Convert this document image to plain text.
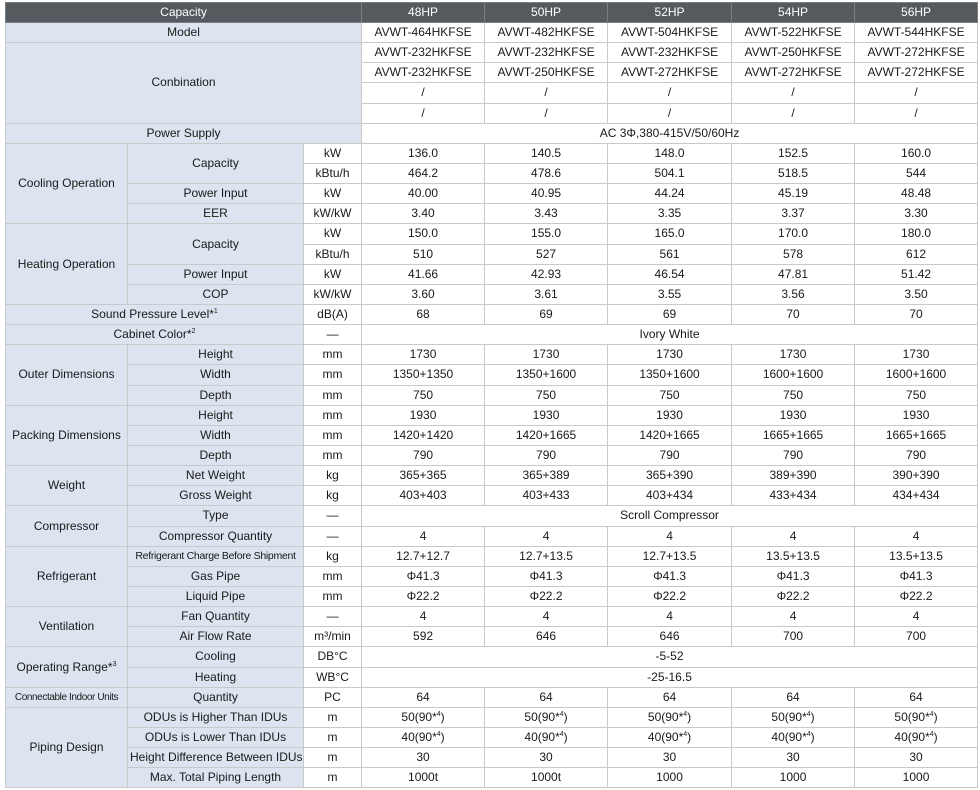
Capacity			48HP	50HP	52HP	54HP	56HP
Model			AVWT-464HKFSE	AVWT-482HKFSE	AVWT-504HKFSE	AVWT-522HKFSE	AVWT-544HKFSE
Conbination			AVWT-232HKFSE	AVWT-232HKFSE	AVWT-232HKFSE	AVWT-250HKFSE	AVWT-272HKFSE
			AVWT-232HKFSE	AVWT-250HKFSE	AVWT-272HKFSE	AVWT-272HKFSE	AVWT-272HKFSE
			/	/	/	/	/
			/	/	/	/	/
Power Supply			AC 3Φ,380-415V/50/60Hz				
Cooling Operation	Capacity	kW	136.0	140.5	148.0	152.5	160.0
		kBtu/h	464.2	478.6	504.1	518.5	544
	Power Input	kW	40.00	40.95	44.24	45.19	48.48
	EER	kW/kW	3.40	3.43	3.35	3.37	3.30
Heating Operation	Capacity	kW	150.0	155.0	165.0	170.0	180.0
		kBtu/h	510	527	561	578	612
	Power Input	kW	41.66	42.93	46.54	47.81	51.42
	COP	kW/kW	3.60	3.61	3.55	3.56	3.50
Sound Pressure Level*$^1$		dB(A)	68	69	69	70	70
Cabinet Color*$^2$		—	Ivory White				
Outer Dimensions	Height	mm	1730	1730	1730	1730	1730
	Width	mm	1350+1350	1350+1600	1350+1600	1600+1600	1600+1600
	Depth	mm	750	750	750	750	750
Packing Dimensions	Height	mm	1930	1930	1930	1930	1930
	Width	mm	1420+1420	1420+1665	1420+1665	1665+1665	1665+1665
	Depth	mm	790	790	790	790	790
Weight	Net Weight	kg	365+365	365+389	365+390	389+390	390+390
	Gross Weight	kg	403+403	403+433	403+434	433+434	434+434
Compressor	Type	—	Scroll Compressor				
	Compressor Quantity	—	4	4	4	4	4
Refrigerant	Refrigerant Charge Before Shipment	kg	12.7+12.7	12.7+13.5	12.7+13.5	13.5+13.5	13.5+13.5
	Gas Pipe	mm	Φ41.3	Φ41.3	Φ41.3	Φ41.3	Φ41.3
	Liquid Pipe	mm	Φ22.2	Φ22.2	Φ22.2	Φ22.2	Φ22.2
Ventilation	Fan Quantity	—	4	4	4	4	4
	Air Flow Rate	m³/min	592	646	646	700	700
Operating Range*$^3$	Cooling	DB°C	-5-52				
	Heating	WB°C	-25-16.5				
Connectable Indoor Units	Quantity	PC	64	64	64	64	64
Piping Design	ODUs is Higher Than IDUs	m	50(90*$^4$)	50(90*$^4$)	50(90*$^4$)	50(90*$^4$)	50(90*$^4$)
	ODUs is Lower Than IDUs	m	40(90*$^4$)	40(90*$^4$)	40(90*$^4$)	40(90*$^4$)	40(90*$^4$)
	Height Difference Between IDUs	m	30	30	30	30	30
	Max. Total Piping Length	m	1000t	1000t	1000	1000	1000
